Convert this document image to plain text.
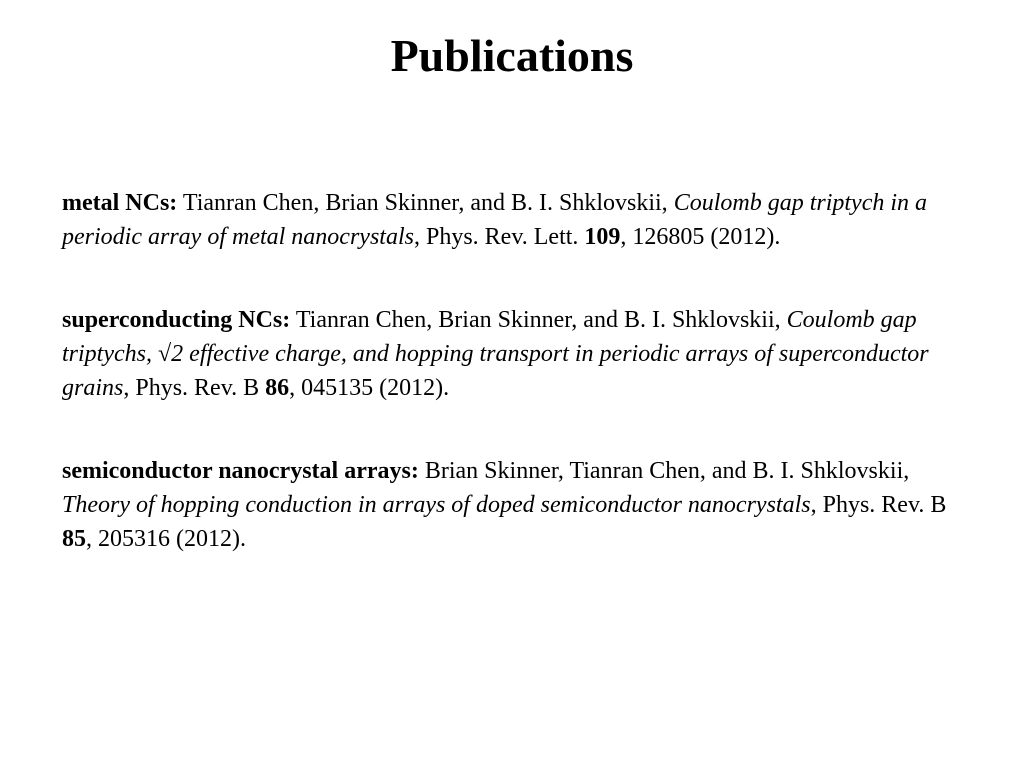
Publications

metal NCs: Tianran Chen, Brian Skinner, and B. I. Shklovskii, Coulomb gap triptych in a periodic array of metal nanocrystals, Phys. Rev. Lett. 109, 126805 (2012).

superconducting NCs: Tianran Chen, Brian Skinner, and B. I. Shklovskii, Coulomb gap triptychs, √2 effective charge, and hopping transport in periodic arrays of superconductor grains, Phys. Rev. B 86, 045135 (2012).

semiconductor nanocrystal arrays: Brian Skinner, Tianran Chen, and B. I. Shklovskii, Theory of hopping conduction in arrays of doped semiconductor nanocrystals, Phys. Rev. B 85, 205316 (2012).
